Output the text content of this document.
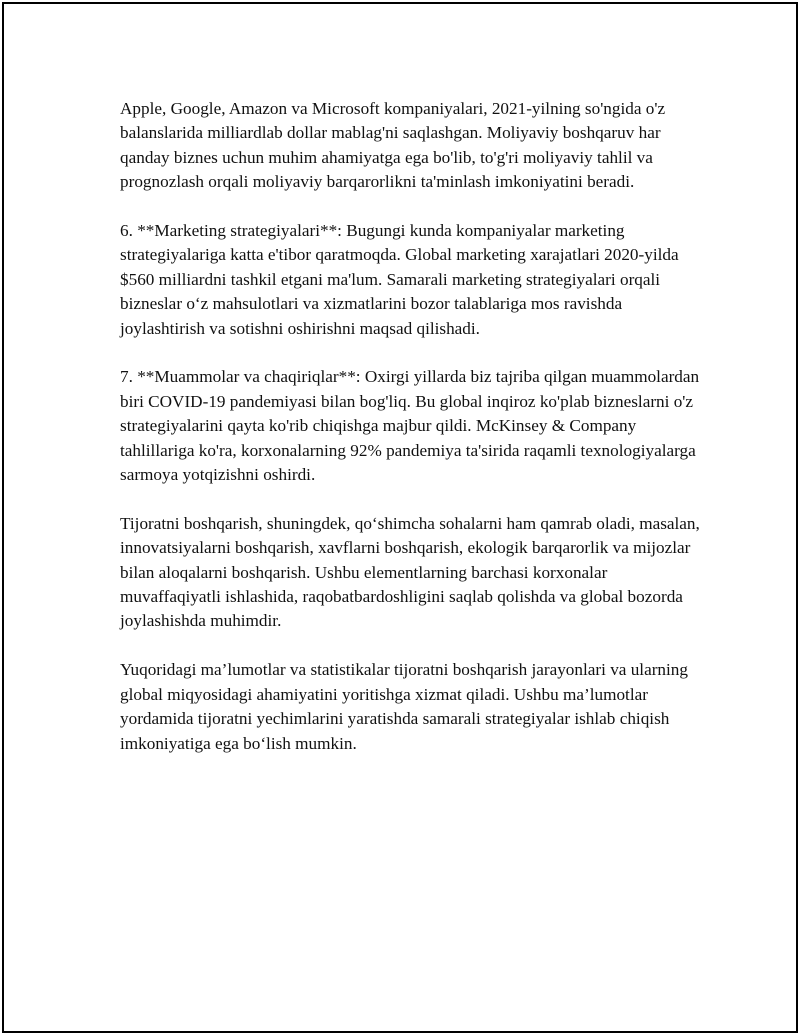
Apple, Google, Amazon va Microsoft kompaniyalari, 2021-yilning so'ngida o'z balanslarida milliardlab dollar mablag'ni saqlashgan. Moliyaviy boshqaruv har qanday biznes uchun muhim ahamiyatga ega bo'lib, to'g'ri moliyaviy tahlil va prognozlash orqali moliyaviy barqarorlikni ta'minlash imkoniyatini beradi.

6. **Marketing strategiyalari**: Bugungi kunda kompaniyalar marketing strategiyalariga katta e'tibor qaratmoqda. Global marketing xarajatlari 2020-yilda $560 milliardni tashkil etgani ma'lum. Samarali marketing strategiyalari orqali bizneslar o‘z mahsulotlari va xizmatlarini bozor talablariga mos ravishda joylashtirish va sotishni oshirishni maqsad qilishadi.

7. **Muammolar va chaqiriqlar**: Oxirgi yillarda biz tajriba qilgan muammolardan biri COVID-19 pandemiyasi bilan bog'liq. Bu global inqiroz ko'plab bizneslarni o'z strategiyalarini qayta ko'rib chiqishga majbur qildi. McKinsey & Company tahlillariga ko'ra, korxonalarning 92% pandemiya ta'sirida raqamli texnologiyalarga sarmoya yotqizishni oshirdi.

Tijoratni boshqarish, shuningdek, qo‘shimcha sohalarni ham qamrab oladi, masalan, innovatsiyalarni boshqarish, xavflarni boshqarish, ekologik barqarorlik va mijozlar bilan aloqalarni boshqarish. Ushbu elementlarning barchasi korxonalar muvaffaqiyatli ishlashida, raqobatbardoshligini saqlab qolishda va global bozorda joylashishda muhimdir.

Yuqoridagi ma’lumotlar va statistikalar tijoratni boshqarish jarayonlari va ularning global miqyosidagi ahamiyatini yoritishga xizmat qiladi. Ushbu ma’lumotlar yordamida tijoratni yechimlarini yaratishda samarali strategiyalar ishlab chiqish imkoniyatiga ega bo‘lish mumkin.
